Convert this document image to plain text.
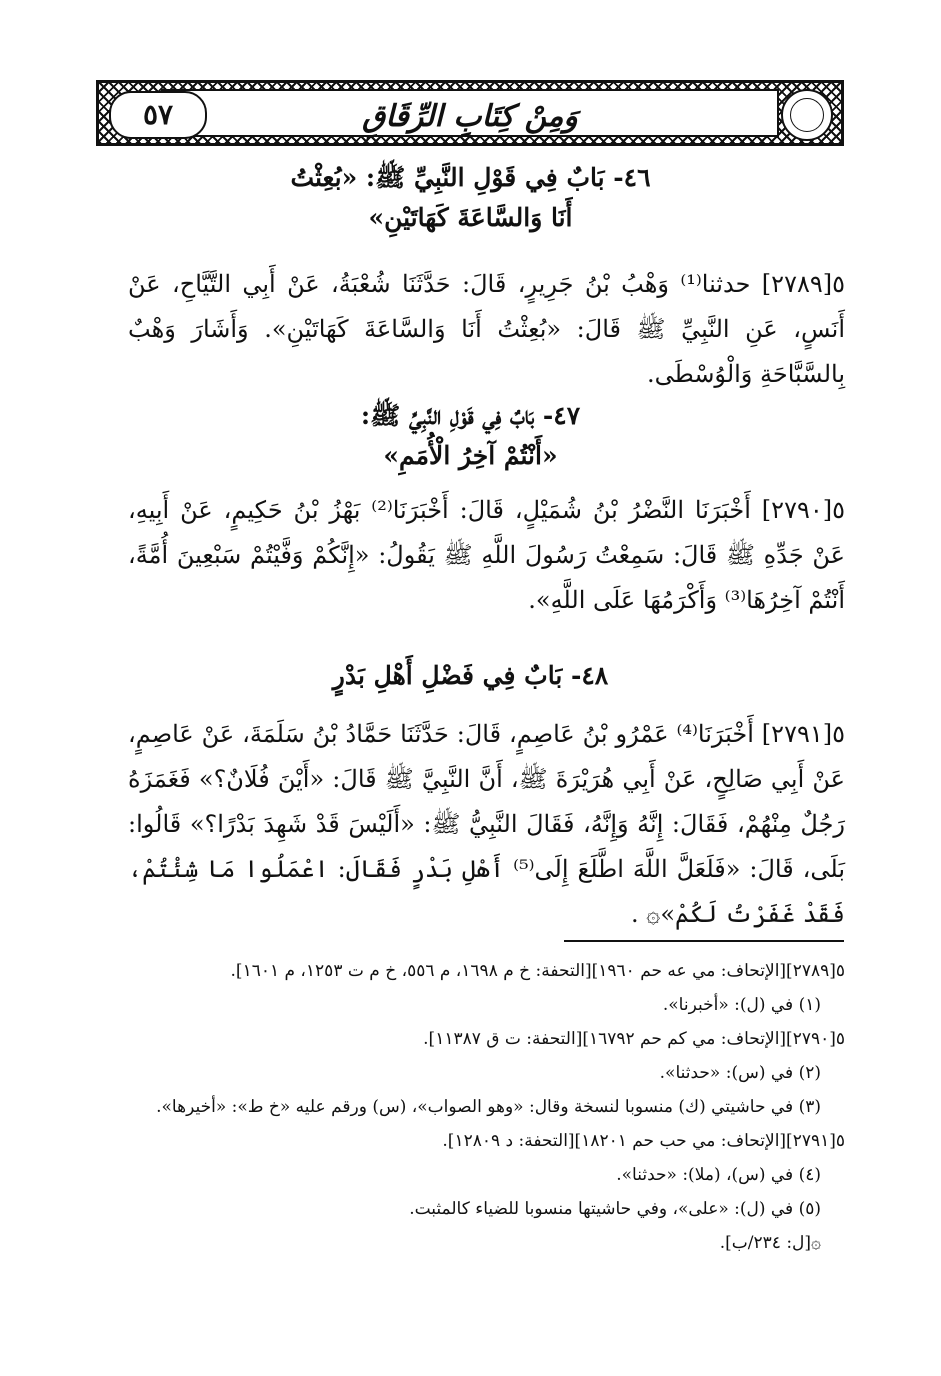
وَمِنْ كِتَابِ الرِّقَاقِ
٥٧
٤٦- بَابٌ فِي قَوْلِ النَّبِيِّ ﷺ: «بُعِثْتُ
أَنَا وَالسَّاعَةَ كَهَاتَيْنِ»
٥[٢٧٨٩] حدثنا⁽¹⁾ وَهْبُ بْنُ جَرِيرٍ، قَالَ: حَدَّثَنَا شُعْبَةُ، عَنْ أَبِي التَّيَّاحِ، عَنْ أَنَسٍ، عَنِ النَّبِيِّ ﷺ قَالَ: «بُعِثْتُ أَنَا وَالسَّاعَةَ كَهَاتَيْنِ». وَأَشَارَ وَهْبٌ بِالسَّبَّاحَةِ وَالْوُسْطَى.
٤٧- بَابٌ فِي قَوْلِ النَّبِيِّ ﷺ:
«أَنْتُمْ آخِرُ الْأُمَمِ»
٥[٢٧٩٠] أَخْبَرَنَا النَّضْرُ بْنُ شُمَيْلٍ، قَالَ: أَخْبَرَنَا⁽²⁾ بَهْزُ بْنُ حَكِيمٍ، عَنْ أَبِيهِ، عَنْ جَدِّهِ ﷺ قَالَ: سَمِعْتُ رَسُولَ اللَّهِ ﷺ يَقُولُ: «إِنَّكُمْ وَفَّيْتُمْ سَبْعِينَ أُمَّةً، أَنْتُمْ آخِرُهَا⁽³⁾ وَأَكْرَمُهَا عَلَى اللَّهِ».
٤٨- بَابٌ فِي فَضْلِ أَهْلِ بَدْرٍ
٥[٢٧٩١] أَخْبَرَنَا⁽⁴⁾ عَمْرُو بْنُ عَاصِمٍ، قَالَ: حَدَّثَنَا حَمَّادُ بْنُ سَلَمَةَ، عَنْ عَاصِمٍ، عَنْ أَبِي صَالِحٍ، عَنْ أَبِي هُرَيْرَةَ ﷺ، أَنَّ النَّبِيَّ ﷺ قَالَ: «أَيْنَ فُلَانٌ؟» فَغَمَزَهُ رَجُلٌ مِنْهُمْ، فَقَالَ: إِنَّهُ وَإِنَّهُ، فَقَالَ النَّبِيُّ ﷺ: «أَلَيْسَ قَدْ شَهِدَ بَدْرًا؟» قَالُوا: بَلَى، قَالَ: «فَلَعَلَّ اللَّهَ اطَّلَعَ إِلَى⁽⁵⁾ أَهْلِ بَدْرٍ فَقَالَ: اعْمَلُوا مَا شِئْتُمْ، فَقَدْ غَفَرْتُ لَكُمْ»۞ .
٥[٢٧٨٩][الإتحاف: مي عه حم ١٩٦٠][التحفة: خ م ١٦٩٨، م ٥٥٦، خ م ت ١٢٥٣، م ١٦٠١].
(١) في (ل): «أخبرنا».
٥[٢٧٩٠][الإتحاف: مي كم حم ١٦٧٩٢][التحفة: ت ق ١١٣٨٧].
(٢) في (س): «حدثنا».
(٣) في حاشيتي (ك) منسوبا لنسخة وقال: «وهو الصواب»، (س) ورقم عليه «خ ط»: «أخيرها».
٥[٢٧٩١][الإتحاف: مي حب حم ١٨٢٠١][التحفة: د ١٢٨٠٩].
(٤) في (س)، (ملا): «حدثنا».
(٥) في (ل): «على»، وفي حاشيتها منسوبا للضياء كالمثبت.
۞[ل: ٢٣٤/ب].
